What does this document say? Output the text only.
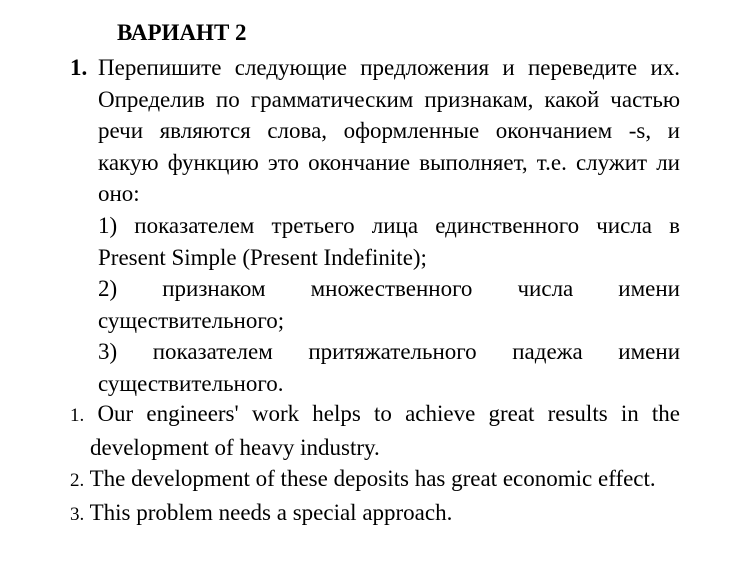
ВАРИАНТ 2
1. Перепишите следующие предложения и переведите их. Определив по грамматическим признакам, какой частью речи являются слова, оформленные окончанием -s, и какую функцию это окончание выполняет, т.е. служит ли оно:
1) показателем третьего лица единственного числа в Present Simple (Present Indefinite);
2) признаком множественного числа имени существительного;
3) показателем притяжательного падежа имени существительного.
1. Our engineers' work helps to achieve great results in the development of heavy industry.
2. The development of these deposits has great economic effect.
3. This problem needs a special approach.
